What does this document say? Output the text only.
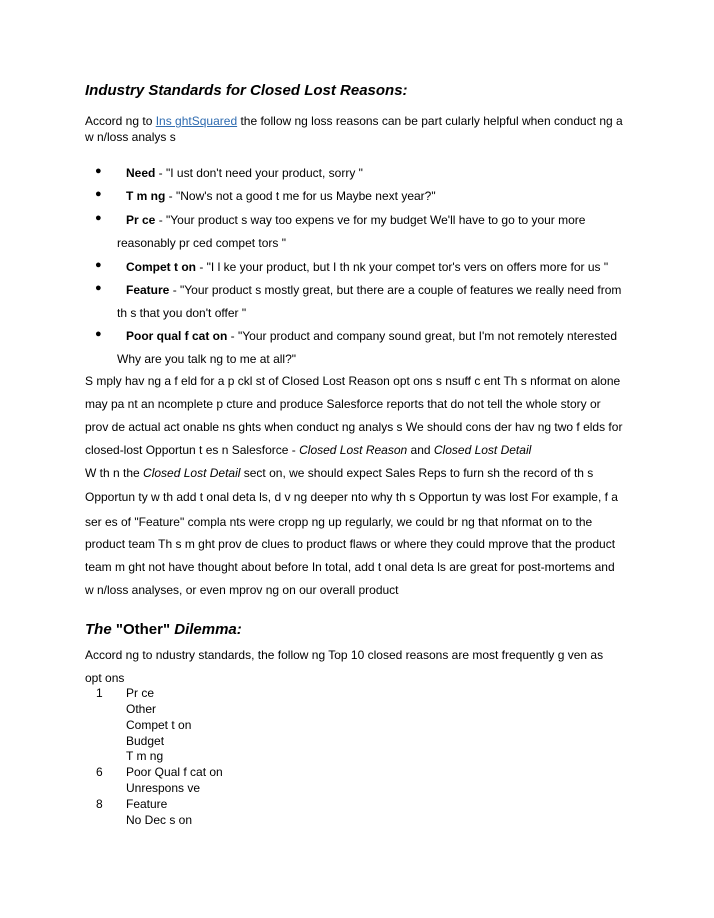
Industry Standards for Closed Lost Reasons:
Accord ng to Ins ghtSquared the follow ng loss reasons can be part cularly helpful when conduct ng a
w n/loss analys s
● Need - "I ust don't need your product, sorry "
● T m ng - "Now's not a good t me for us Maybe next year?"
● Pr ce - "Your product s way too expens ve for my budget We'll have to go to your more
reasonably pr ced compet tors "
● Compet t on - "I l ke your product, but I th nk your compet tor's vers on offers more for us "
● Feature - "Your product s mostly great, but there are a couple of features we really need from
th s that you don't offer "
● Poor qual f cat on - "Your product and company sound great, but I'm not remotely nterested
Why are you talk ng to me at all?"
S mply hav ng a f eld for a p ckl st of Closed Lost Reason opt ons s nsuff c ent Th s nformat on alone
may pa nt an ncomplete p cture and produce Salesforce reports that do not tell the whole story or
prov de actual act onable ns ghts when conduct ng analys s We should cons der hav ng two f elds for
closed-lost Opportun t es n Salesforce - Closed Lost Reason and Closed Lost Detail
W th n the Closed Lost Detail sect on, we should expect Sales Reps to furn sh the record of th s
Opportun ty w th add t onal deta ls, d v ng deeper nto why th s Opportun ty was lost For example, f a
ser es of "Feature" compla nts were cropp ng up regularly, we could br ng that nformat on to the
product team Th s m ght prov de clues to product flaws or where they could mprove that the product
team m ght not have thought about before In total, add t onal deta ls are great for post-mortems and
w n/loss analyses, or even mprov ng on our overall product
The "Other" Dilemma:
Accord ng to ndustry standards, the follow ng Top 10 closed reasons are most frequently g ven as
opt ons
1 Pr ce
Other
Compet t on
Budget
T m ng
6 Poor Qual f cat on
Unrespons ve
8 Feature
No Dec s on
